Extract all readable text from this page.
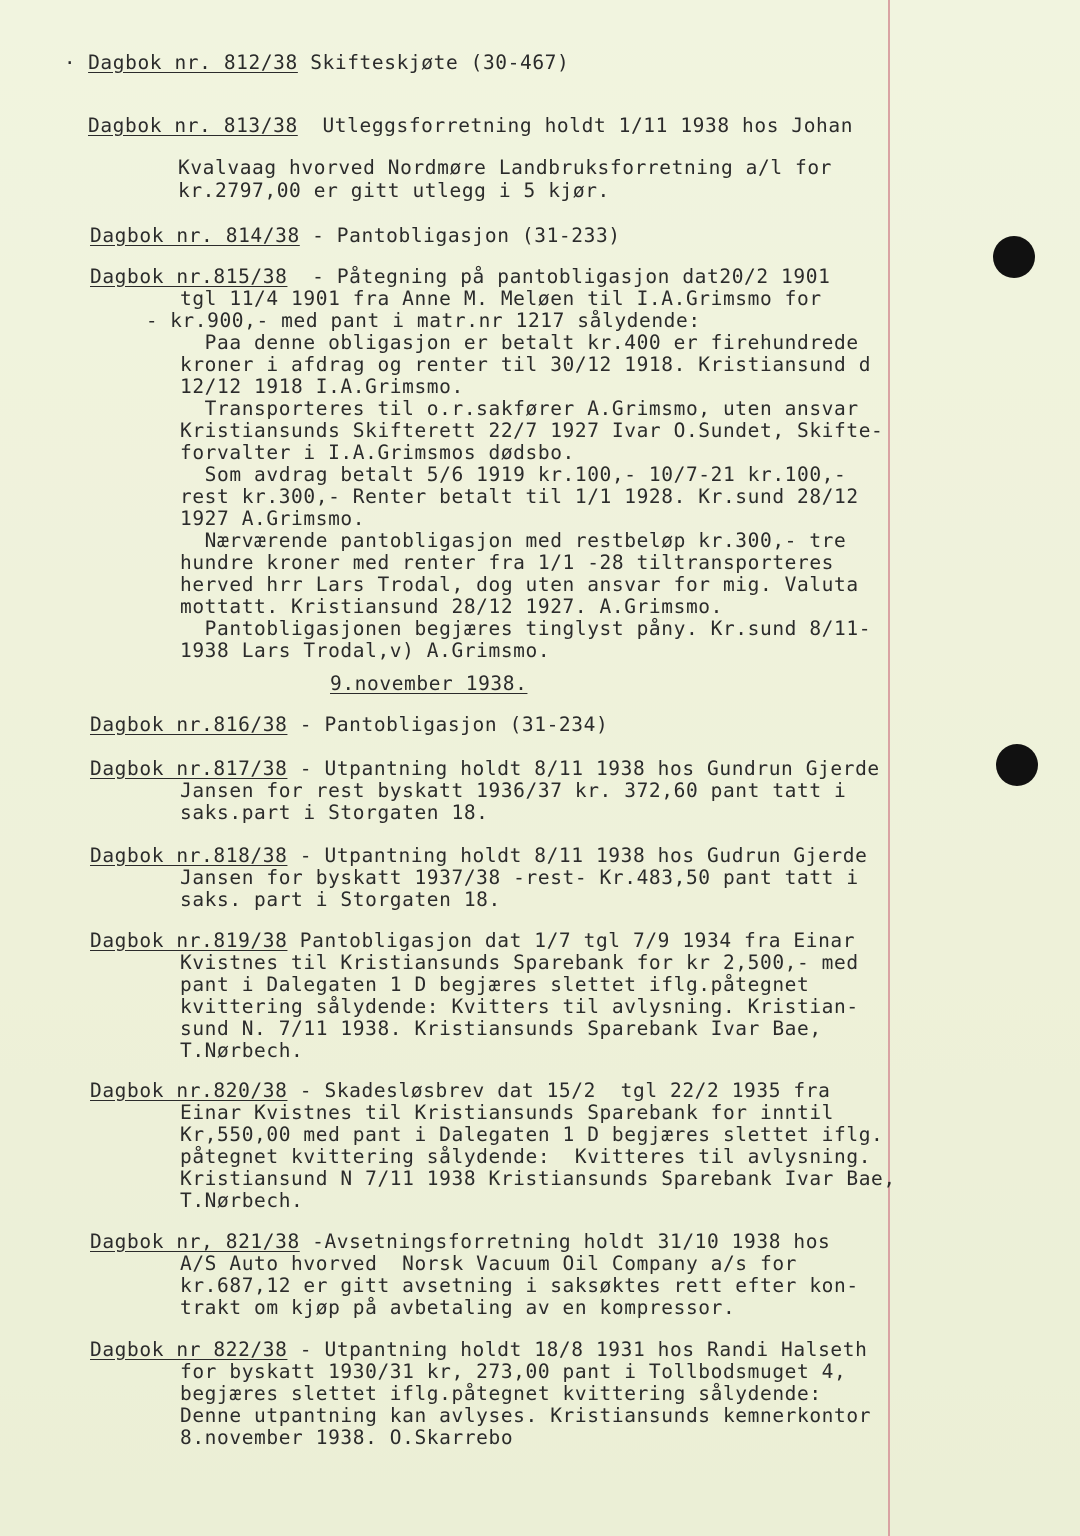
· Dagbok nr. 812/38 Skifteskjøte (30-467)
Dagbok nr. 813/38  Utleggsforretning holdt 1/11 1938 hos Johan
Kvalvaag hvorved Nordmøre Landbruksforretning a/l for
kr.2797,00 er gitt utlegg i 5 kjør.
Dagbok nr. 814/38 - Pantobligasjon (31-233)
Dagbok nr.815/38  - Påtegning på pantobligasjon dat20/2 1901
tgl 11/4 1901 fra Anne M. Meløen til I.A.Grimsmo for
- kr.900,- med pant i matr.nr 1217 sålydende:
Paa denne obligasjon er betalt kr.400 er firehundrede
kroner i afdrag og renter til 30/12 1918. Kristiansund d
12/12 1918 I.A.Grimsmo.
Transporteres til o.r.sakfører A.Grimsmo, uten ansvar
Kristiansunds Skifterett 22/7 1927 Ivar O.Sundet, Skifte-
forvalter i I.A.Grimsmos dødsbo.
Som avdrag betalt 5/6 1919 kr.100,- 10/7-21 kr.100,-
rest kr.300,- Renter betalt til 1/1 1928. Kr.sund 28/12
1927 A.Grimsmo.
Nærværende pantobligasjon med restbeløp kr.300,- tre
hundre kroner med renter fra 1/1 -28 tiltransporteres
herved hrr Lars Trodal, dog uten ansvar for mig. Valuta
mottatt. Kristiansund 28/12 1927. A.Grimsmo.
Pantobligasjonen begjæres tinglyst påny. Kr.sund 8/11-
1938 Lars Trodal,v) A.Grimsmo.
9.november 1938.
Dagbok nr.816/38 - Pantobligasjon (31-234)
Dagbok nr.817/38 - Utpantning holdt 8/11 1938 hos Gundrun Gjerde
Jansen for rest byskatt 1936/37 kr. 372,60 pant tatt i
saks.part i Storgaten 18.
Dagbok nr.818/38 - Utpantning holdt 8/11 1938 hos Gudrun Gjerde
Jansen for byskatt 1937/38 -rest- Kr.483,50 pant tatt i
saks. part i Storgaten 18.
Dagbok nr.819/38 Pantobligasjon dat 1/7 tgl 7/9 1934 fra Einar
Kvistnes til Kristiansunds Sparebank for kr 2,500,- med
pant i Dalegaten 1 D begjæres slettet iflg.påtegnet
kvittering sålydende: Kvitters til avlysning. Kristian-
sund N. 7/11 1938. Kristiansunds Sparebank Ivar Bae,
T.Nørbech.
Dagbok nr.820/38 - Skadesløsbrev dat 15/2  tgl 22/2 1935 fra
Einar Kvistnes til Kristiansunds Sparebank for inntil
Kr,550,00 med pant i Dalegaten 1 D begjæres slettet iflg.
påtegnet kvittering sålydende:  Kvitteres til avlysning.
Kristiansund N 7/11 1938 Kristiansunds Sparebank Ivar Bae,
T.Nørbech.
Dagbok nr, 821/38 -Avsetningsforretning holdt 31/10 1938 hos
A/S Auto hvorved  Norsk Vacuum Oil Company a/s for
kr.687,12 er gitt avsetning i saksøktes rett efter kon-
trakt om kjøp på avbetaling av en kompressor.
Dagbok nr 822/38 - Utpantning holdt 18/8 1931 hos Randi Halseth
for byskatt 1930/31 kr, 273,00 pant i Tollbodsmuget 4,
begjæres slettet iflg.påtegnet kvittering sålydende:
Denne utpantning kan avlyses. Kristiansunds kemnerkontor
8.november 1938. O.Skarrebo
